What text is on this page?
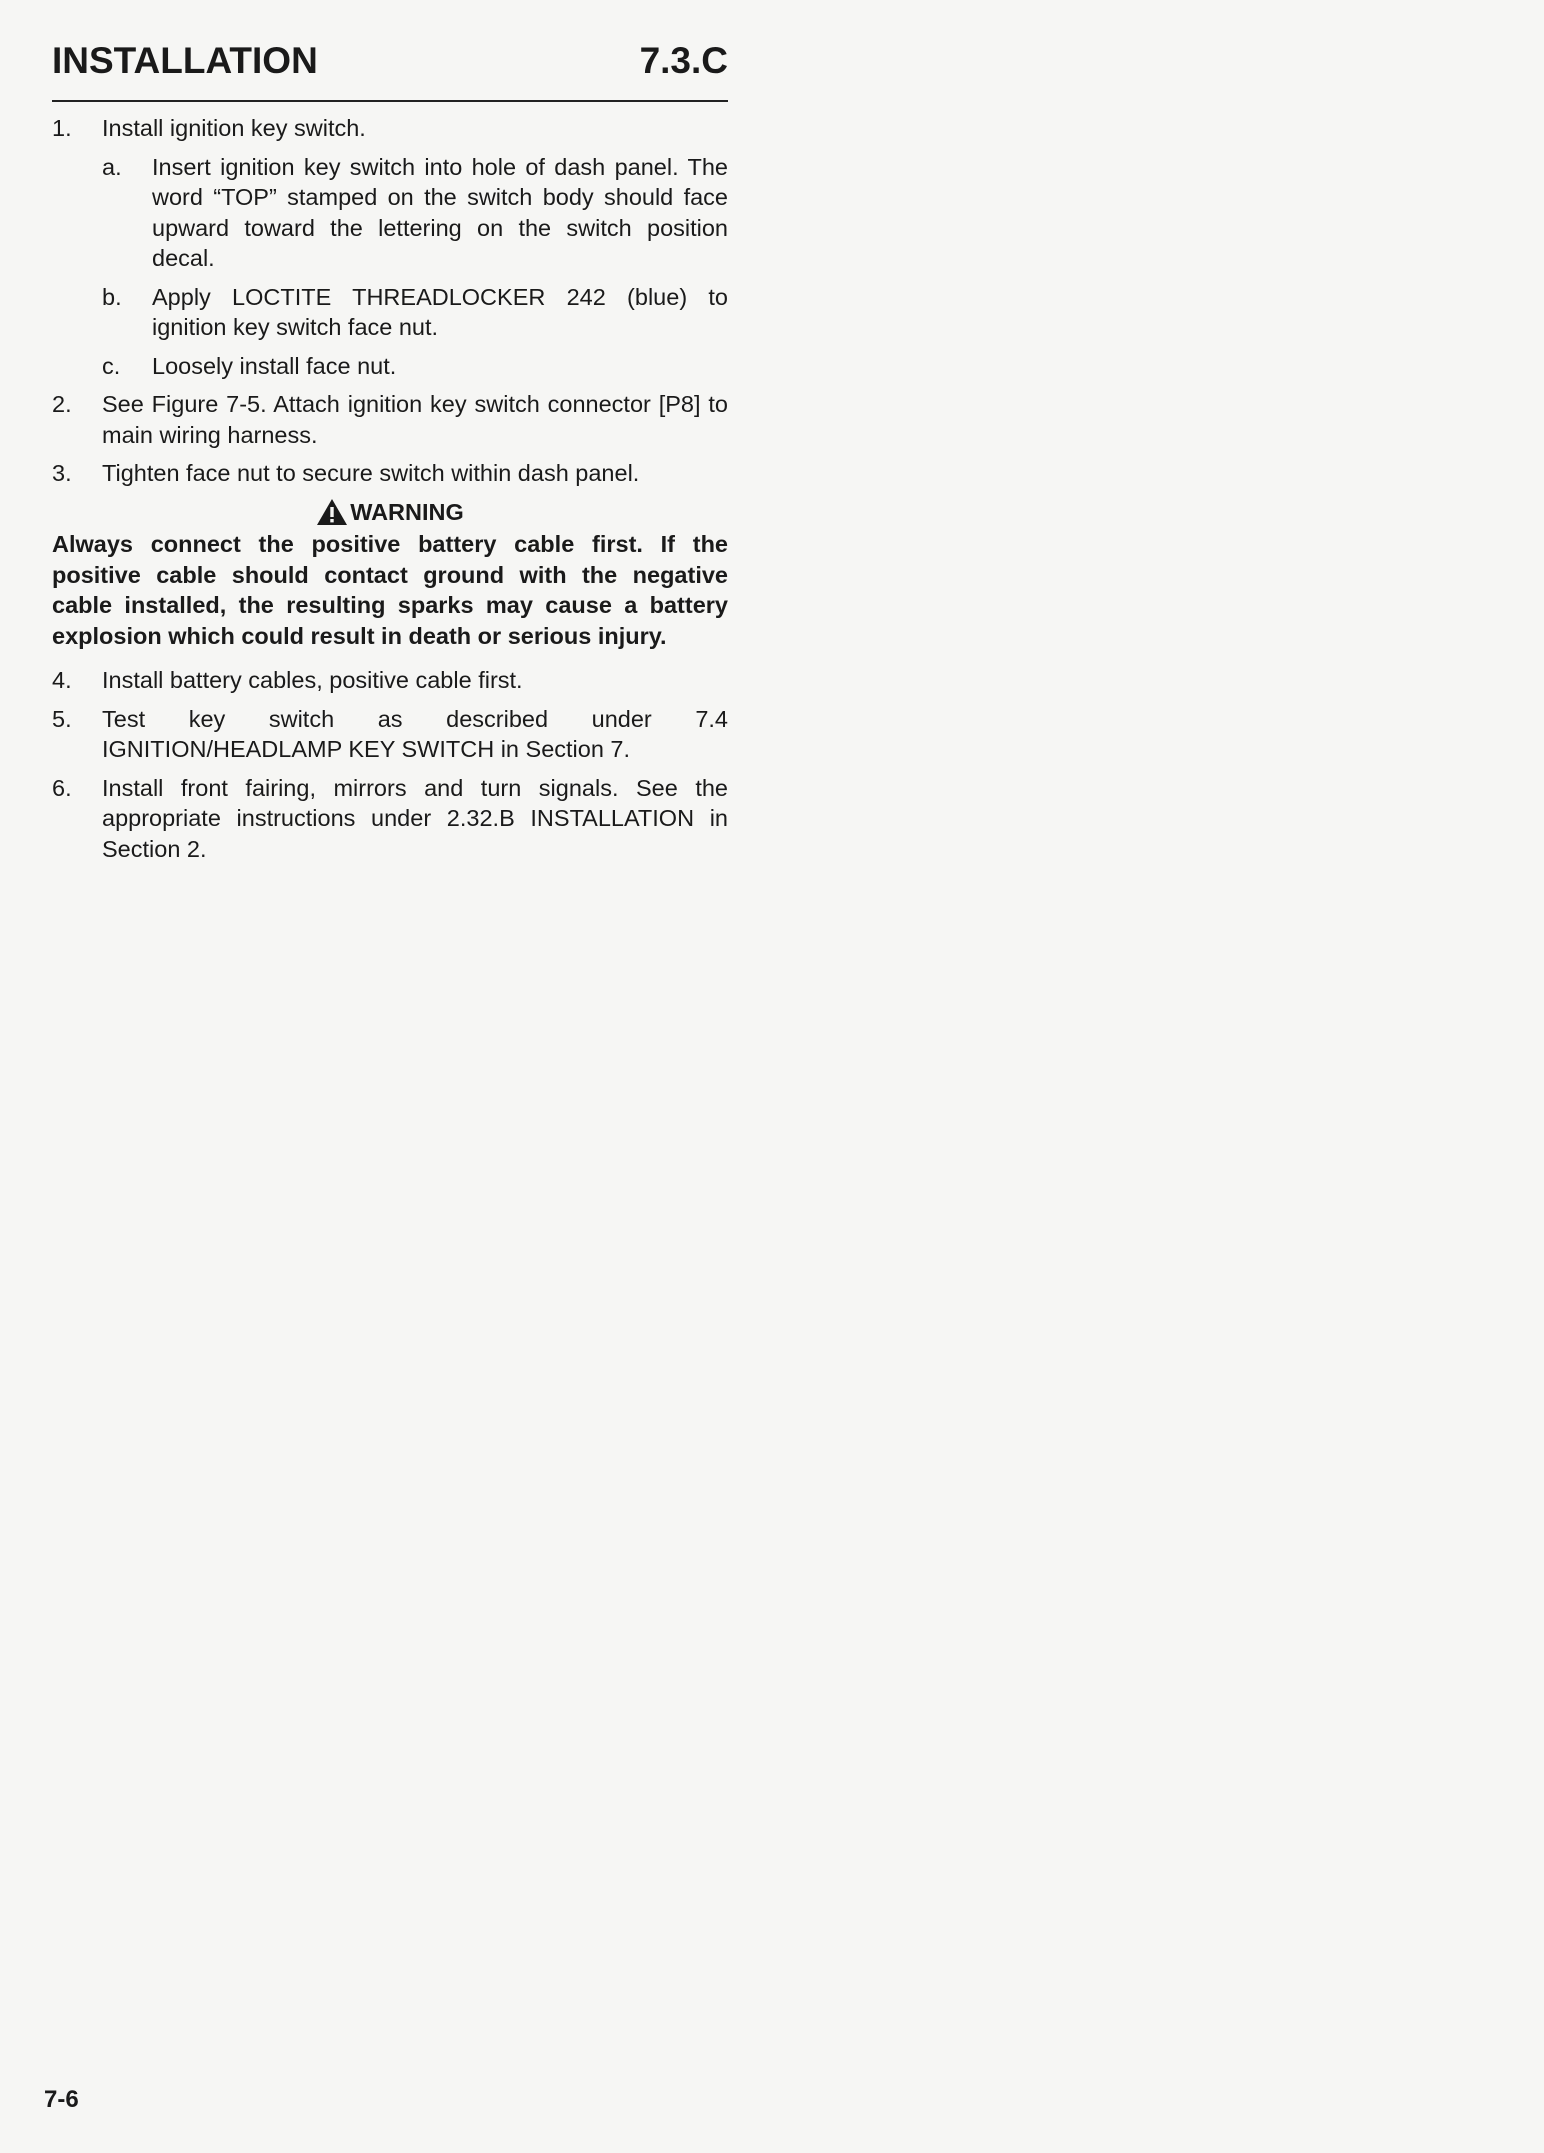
INSTALLATION	7.3.C
1. Install ignition key switch.
a. Insert ignition key switch into hole of dash panel. The word “TOP” stamped on the switch body should face upward toward the lettering on the switch position decal.
b. Apply LOCTITE THREADLOCKER 242 (blue) to ignition key switch face nut.
c. Loosely install face nut.
2. See Figure 7-5. Attach ignition key switch connector [P8] to main wiring harness.
3. Tighten face nut to secure switch within dash panel.
WARNING
Always connect the positive battery cable first. If the positive cable should contact ground with the negative cable installed, the resulting sparks may cause a battery explosion which could result in death or serious injury.
4. Install battery cables, positive cable first.
5. Test key switch as described under 7.4 IGNITION/HEADLAMP KEY SWITCH in Section 7.
6. Install front fairing, mirrors and turn signals. See the appropriate instructions under 2.32.B INSTALLATION in Section 2.
7-6
